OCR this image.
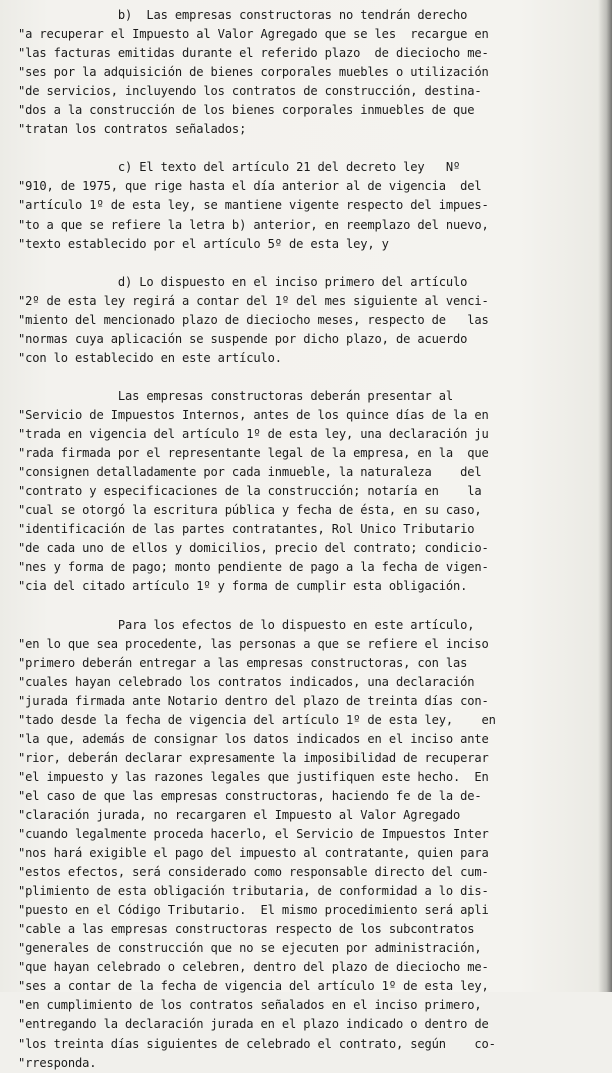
b)  Las empresas constructoras no tendrán derecho
"a recuperar el Impuesto al Valor Agregado que se les  recargue en
"las facturas emitidas durante el referido plazo  de dieciocho me-
"ses por la adquisición de bienes corporales muebles o utilización
"de servicios, incluyendo los contratos de construcción, destina-
"dos a la construcción de los bienes corporales inmuebles de que
"tratan los contratos señalados;
c) El texto del artículo 21 del decreto ley   Nº
"910, de 1975, que rige hasta el día anterior al de vigencia  del
"artículo 1º de esta ley, se mantiene vigente respecto del impues-
"to a que se refiere la letra b) anterior, en reemplazo del nuevo,
"texto establecido por el artículo 5º de esta ley, y
d) Lo dispuesto en el inciso primero del artículo
"2º de esta ley regirá a contar del 1º del mes siguiente al venci-
"miento del mencionado plazo de dieciocho meses, respecto de   las
"normas cuya aplicación se suspende por dicho plazo, de acuerdo
"con lo establecido en este artículo.
Las empresas constructoras deberán presentar al
"Servicio de Impuestos Internos, antes de los quince días de la en
"trada en vigencia del artículo 1º de esta ley, una declaración ju
"rada firmada por el representante legal de la empresa, en la  que
"consignen detalladamente por cada inmueble, la naturaleza    del
"contrato y especificaciones de la construcción; notaría en    la
"cual se otorgó la escritura pública y fecha de ésta, en su caso,
"identificación de las partes contratantes, Rol Unico Tributario
"de cada uno de ellos y domicilios, precio del contrato; condicio-
"nes y forma de pago; monto pendiente de pago a la fecha de vigen-
"cia del citado artículo 1º y forma de cumplir esta obligación.
Para los efectos de lo dispuesto en este artículo,
"en lo que sea procedente, las personas a que se refiere el inciso
"primero deberán entregar a las empresas constructoras, con las
"cuales hayan celebrado los contratos indicados, una declaración
"jurada firmada ante Notario dentro del plazo de treinta días con-
"tado desde la fecha de vigencia del artículo 1º de esta ley,    en
"la que, además de consignar los datos indicados en el inciso ante
"rior, deberán declarar expresamente la imposibilidad de recuperar
"el impuesto y las razones legales que justifiquen este hecho.  En
"el caso de que las empresas constructoras, haciendo fe de la de-
"claración jurada, no recargaren el Impuesto al Valor Agregado
"cuando legalmente proceda hacerlo, el Servicio de Impuestos Inter
"nos hará exigible el pago del impuesto al contratante, quien para
"estos efectos, será considerado como responsable directo del cum-
"plimiento de esta obligación tributaria, de conformidad a lo dis-
"puesto en el Código Tributario.  El mismo procedimiento será apli
"cable a las empresas constructoras respecto de los subcontratos
"generales de construcción que no se ejecuten por administración,
"que hayan celebrado o celebren, dentro del plazo de dieciocho me-
"ses a contar de la fecha de vigencia del artículo 1º de esta ley,
"en cumplimiento de los contratos señalados en el inciso primero,
"entregando la declaración jurada en el plazo indicado o dentro de
"los treinta días siguientes de celebrado el contrato, según    co-
"rresponda.
